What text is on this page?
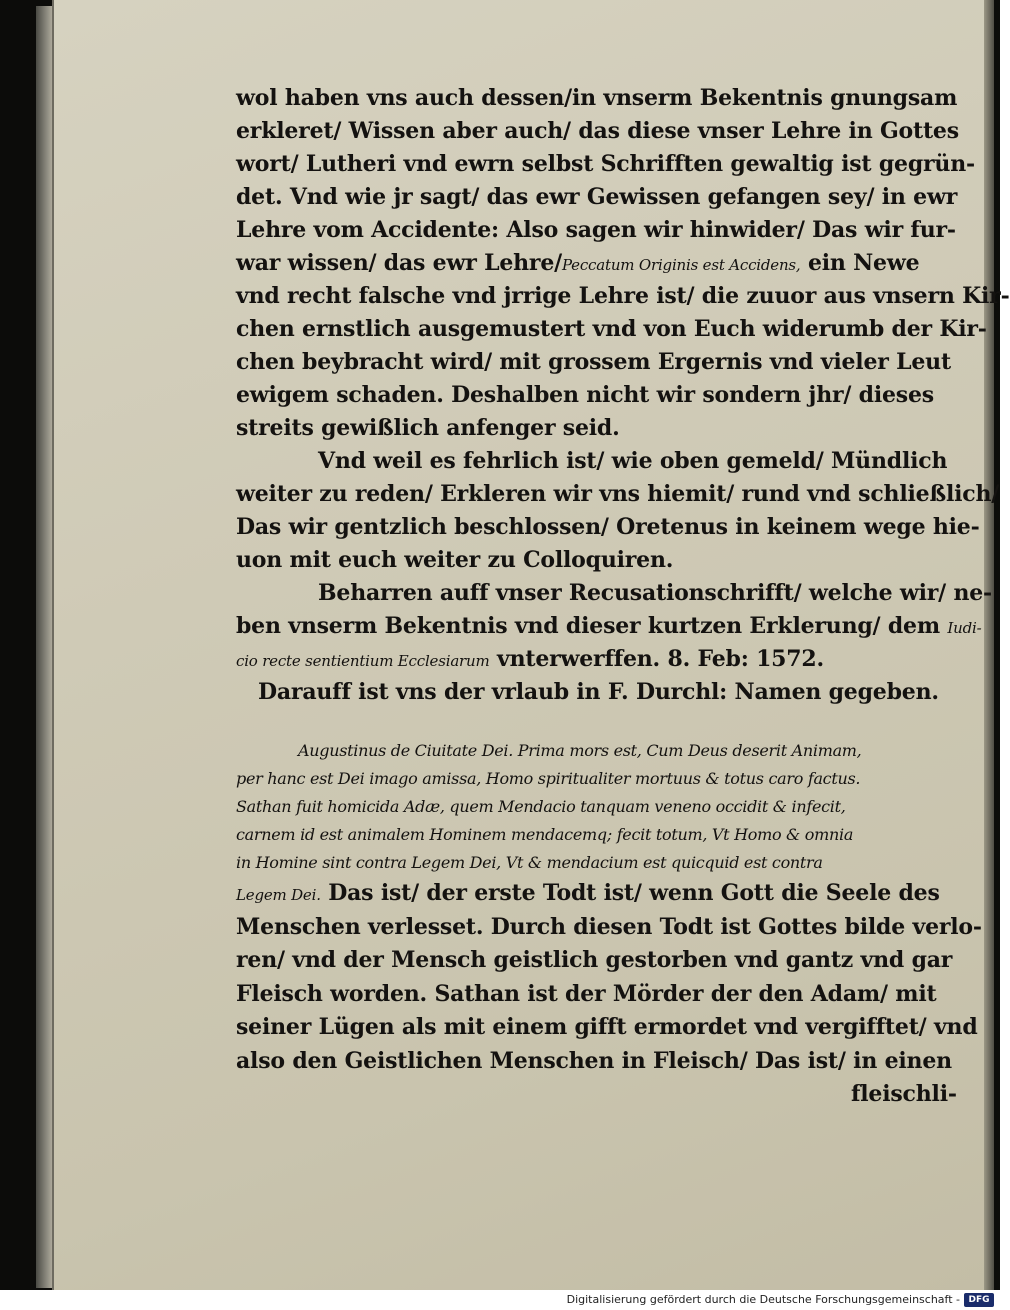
wol haben vns auch dessen/in vnserm Bekentnis gnungsam
erkleret/ Wissen aber auch/ das diese vnser Lehre in Gottes
wort/ Lutheri vnd ewrn selbst Schrifften gewaltig ist gegrün-
det. Vnd wie jr sagt/ das ewr Gewissen gefangen sey/ in ewr
Lehre vom Accidente: Also sagen wir hinwider/ Das wir fur-
war wissen/ das ewr Lehre/Peccatum Originis est Accidens, ein Newe
vnd recht falsche vnd jrrige Lehre ist/ die zuuor aus vnsern Kir-
chen ernstlich ausgemustert vnd von Euch widerumb der Kir-
chen beybracht wird/ mit grossem Ergernis vnd vieler Leut
ewigem schaden. Deshalben nicht wir sondern jhr/ dieses
streits gewißlich anfenger seid.
Vnd weil es fehrlich ist/ wie oben gemeld/ Mündlich
weiter zu reden/ Erkleren wir vns hiemit/ rund vnd schließlich/
Das wir gentzlich beschlossen/ Oretenus in keinem wege hie-
uon mit euch weiter zu Colloquiren.
Beharren auff vnser Recusationschrifft/ welche wir/ ne-
ben vnserm Bekentnis vnd dieser kurtzen Erklerung/ dem Iudi-
cio recte sentientium Ecclesiarum vnterwerffen. 8. Feb: 1572.
Darauff ist vns der vrlaub in F. Durchl: Namen gegeben.
Augustinus de Ciuitate Dei. Prima mors est, Cum Deus deserit Animam,
per hanc est Dei imago amissa, Homo spiritualiter mortuus & totus caro factus.
Sathan fuit homicida Adæ, quem Mendacio tanquam veneno occidit & infecit,
carnem id est animalem Hominem mendacemq; fecit totum, Vt Homo & omnia
in Homine sint contra Legem Dei, Vt & mendacium est quicquid est contra
Legem Dei. Das ist/ der erste Todt ist/ wenn Gott die Seele des
Menschen verlesset. Durch diesen Todt ist Gottes bilde verlo-
ren/ vnd der Mensch geistlich gestorben vnd gantz vnd gar
Fleisch worden. Sathan ist der Mörder der den Adam/ mit
seiner Lügen als mit einem gifft ermordet vnd vergifftet/ vnd
also den Geistlichen Menschen in Fleisch/ Das ist/ in einen
fleischli-
Digitalisierung gefördert durch die Deutsche Forschungsgemeinschaft - DFG
